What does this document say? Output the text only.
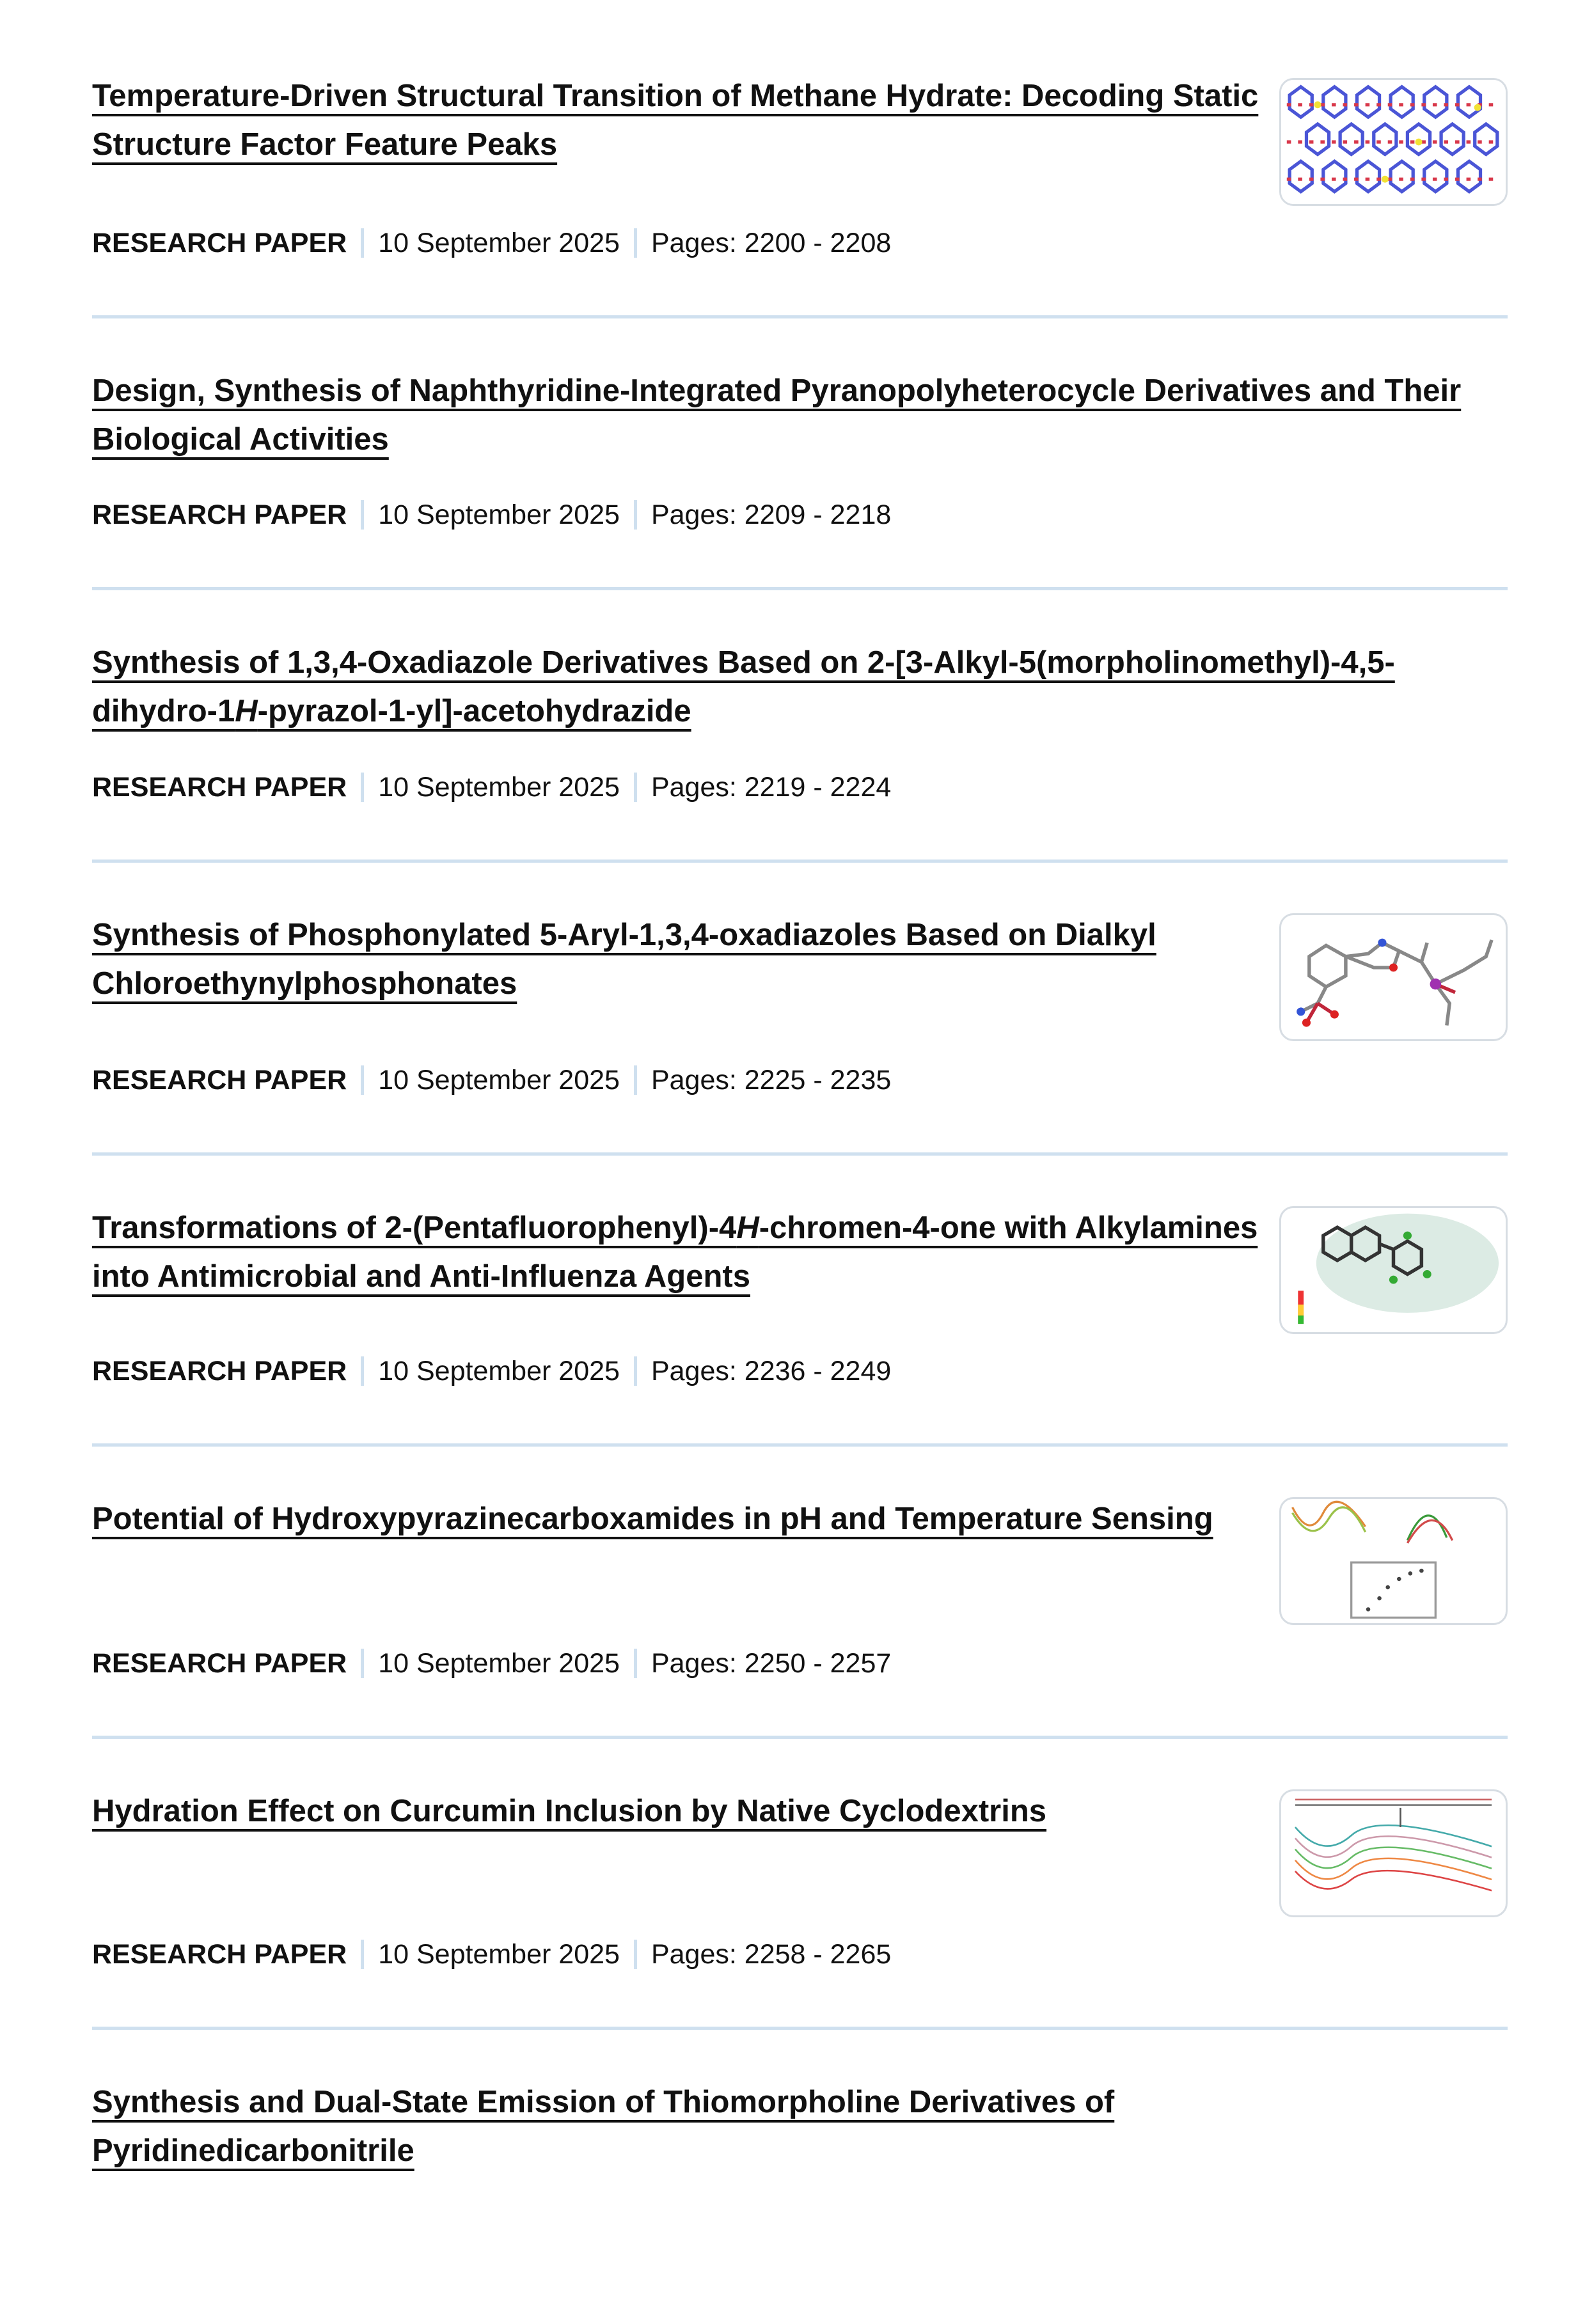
Temperature-Driven Structural Transition of Methane Hydrate: Decoding Static Structure Factor Feature Peaks
RESEARCH PAPER 10 September 2025 Pages: 2200 - 2208
Design, Synthesis of Naphthyridine-Integrated Pyranopolyheterocycle Derivatives and Their Biological Activities
RESEARCH PAPER 10 September 2025 Pages: 2209 - 2218
Synthesis of 1,3,4-Oxadiazole Derivatives Based on 2-[3-Alkyl-5(morpholinomethyl)-4,5-dihydro-1H-pyrazol-1-yl]-acetohydrazide
RESEARCH PAPER 10 September 2025 Pages: 2219 - 2224
Synthesis of Phosphonylated 5-Aryl-1,3,4-oxadiazoles Based on Dialkyl Chloroethynylphosphonates
RESEARCH PAPER 10 September 2025 Pages: 2225 - 2235
Transformations of 2-(Pentafluorophenyl)-4H-chromen-4-one with Alkylamines into Antimicrobial and Anti-Influenza Agents
RESEARCH PAPER 10 September 2025 Pages: 2236 - 2249
Potential of Hydroxypyrazinecarboxamides in pH and Temperature Sensing
RESEARCH PAPER 10 September 2025 Pages: 2250 - 2257
Hydration Effect on Curcumin Inclusion by Native Cyclodextrins
RESEARCH PAPER 10 September 2025 Pages: 2258 - 2265
Synthesis and Dual-State Emission of Thiomorpholine Derivatives of Pyridinedicarbonitrile
